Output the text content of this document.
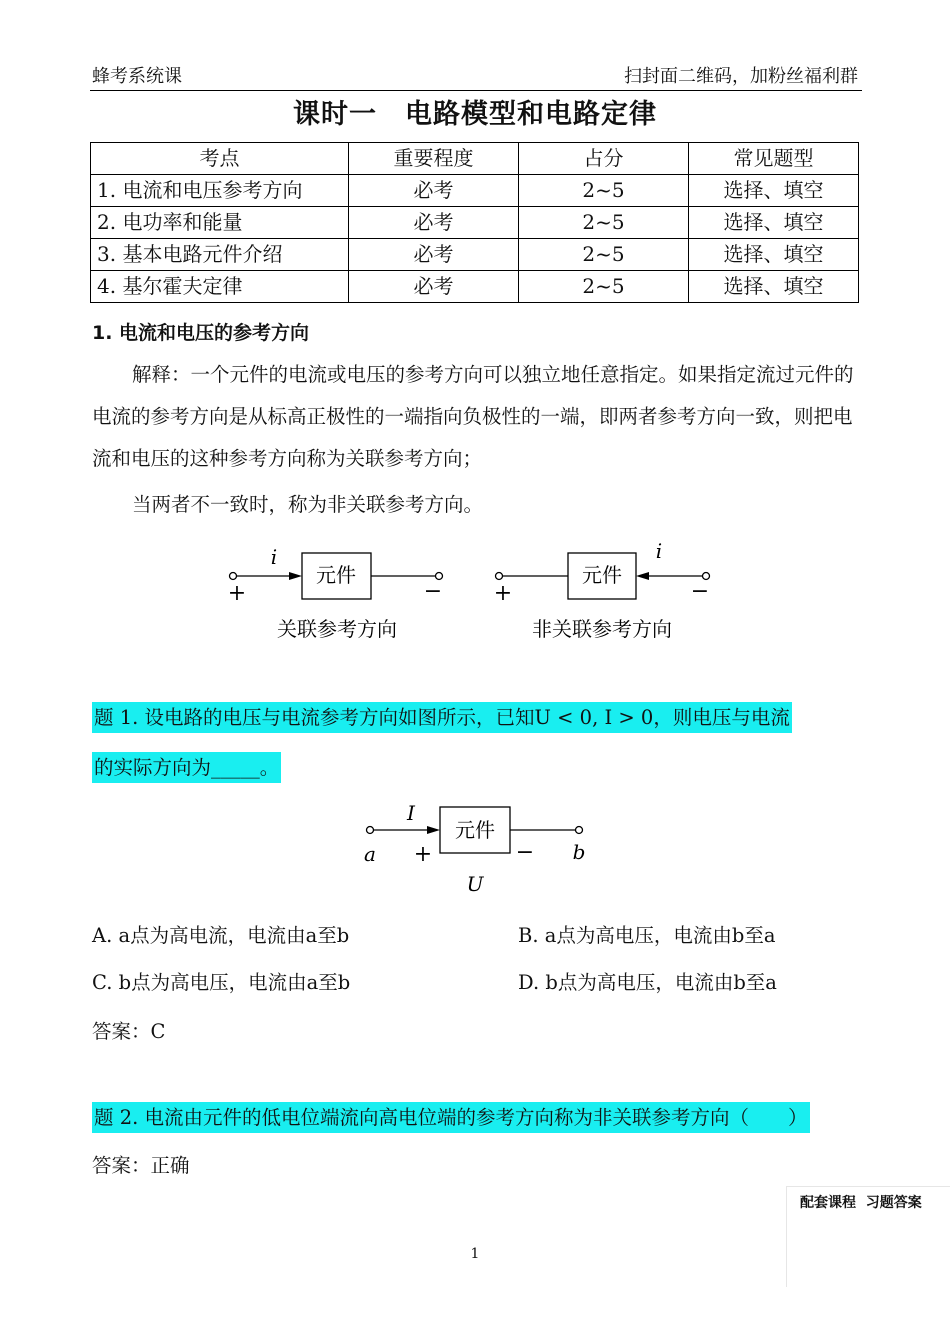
蜂考系统课	扫封面二维码，加粉丝福利群
课时一　电路模型和电路定律
考点	重要程度	占分	常见题型
1. 电流和电压参考方向	必考	2~5	选择、填空
2. 电功率和能量	必考	2~5	选择、填空
3. 基本电路元件介绍	必考	2~5	选择、填空
4. 基尔霍夫定律	必考	2~5	选择、填空
1. 电流和电压的参考方向
解释：一个元件的电流或电压的参考方向可以独立地任意指定。如果指定流过元件的电流的参考方向是从标高正极性的一端指向负极性的一端，即两者参考方向一致，则把电流和电压的这种参考方向称为关联参考方向；
当两者不一致时，称为非关联参考方向。
元件
i
+	−
关联参考方向
元件
i
+	−
非关联参考方向
题 1. 设电路的电压与电流参考方向如图所示，已知U < 0, I > 0，则电压与电流
的实际方向为_____。
元件
I
a +	− b
U
A. a点为高电流，电流由a至b	B. a点为高电压，电流由b至a
C. b点为高电压，电流由a至b	D. b点为高电压，电流由b至a
答案：C
题 2. 电流由元件的低电位端流向高电位端的参考方向称为非关联参考方向（　　）
答案：正确
配套课程  习题答案
1
